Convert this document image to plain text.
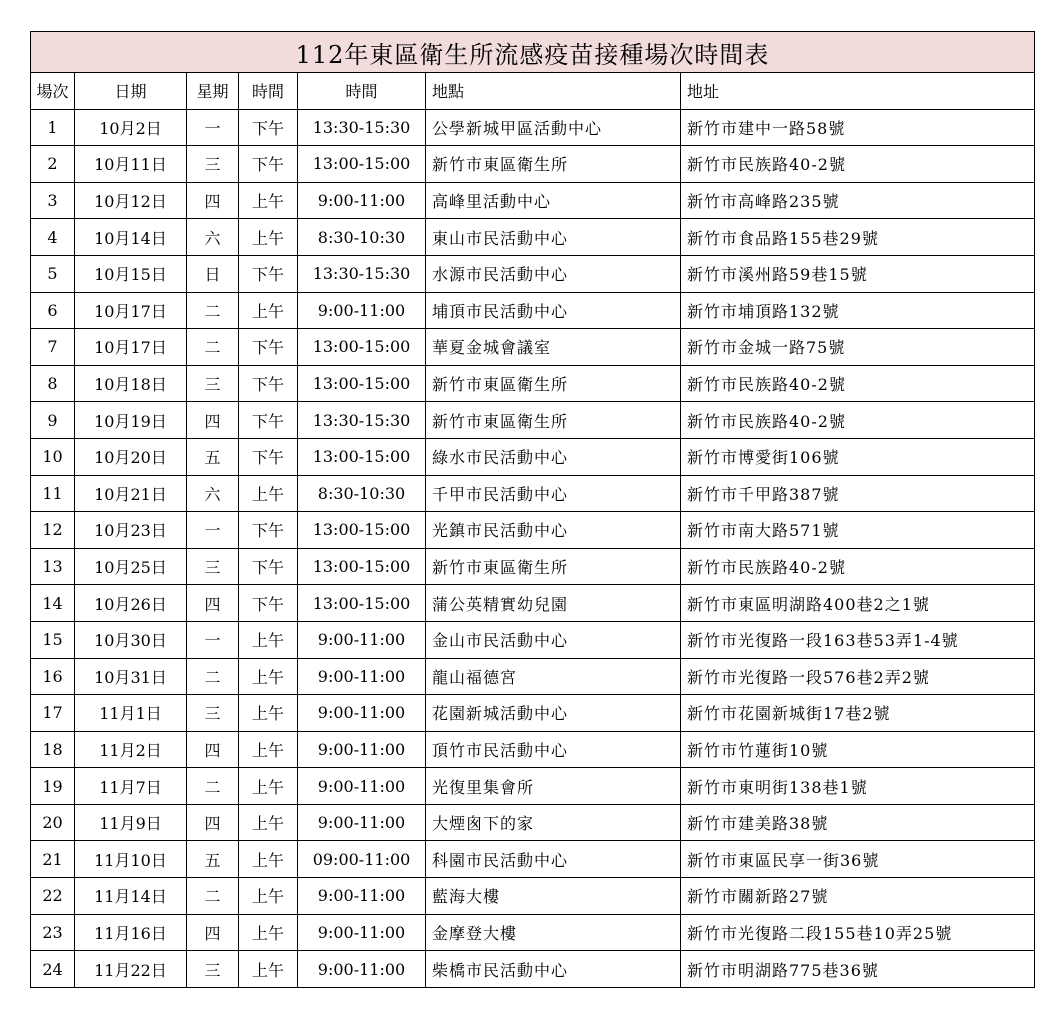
112年東區衛生所流感疫苗接種場次時間表						
場次	日期	星期	時間	時間	地點	地址
1	10月2日	一	下午	13:30-15:30	公學新城甲區活動中心	新竹市建中一路58號
2	10月11日	三	下午	13:00-15:00	新竹市東區衛生所	新竹市民族路40-2號
3	10月12日	四	上午	9:00-11:00	高峰里活動中心	新竹市高峰路235號
4	10月14日	六	上午	8:30-10:30	東山市民活動中心	新竹市食品路155巷29號
5	10月15日	日	下午	13:30-15:30	水源市民活動中心	新竹市溪州路59巷15號
6	10月17日	二	上午	9:00-11:00	埔頂市民活動中心	新竹市埔頂路132號
7	10月17日	二	下午	13:00-15:00	華夏金城會議室	新竹市金城一路75號
8	10月18日	三	下午	13:00-15:00	新竹市東區衛生所	新竹市民族路40-2號
9	10月19日	四	下午	13:30-15:30	新竹市東區衛生所	新竹市民族路40-2號
10	10月20日	五	下午	13:00-15:00	綠水市民活動中心	新竹市博愛街106號
11	10月21日	六	上午	8:30-10:30	千甲市民活動中心	新竹市千甲路387號
12	10月23日	一	下午	13:00-15:00	光鎮市民活動中心	新竹市南大路571號
13	10月25日	三	下午	13:00-15:00	新竹市東區衛生所	新竹市民族路40-2號
14	10月26日	四	下午	13:00-15:00	蒲公英精實幼兒園	新竹市東區明湖路400巷2之1號
15	10月30日	一	上午	9:00-11:00	金山市民活動中心	新竹市光復路一段163巷53弄1-4號
16	10月31日	二	上午	9:00-11:00	龍山福德宮	新竹市光復路一段576巷2弄2號
17	11月1日	三	上午	9:00-11:00	花園新城活動中心	新竹市花園新城街17巷2號
18	11月2日	四	上午	9:00-11:00	頂竹市民活動中心	新竹市竹蓮街10號
19	11月7日	二	上午	9:00-11:00	光復里集會所	新竹市東明街138巷1號
20	11月9日	四	上午	9:00-11:00	大煙囪下的家	新竹市建美路38號
21	11月10日	五	上午	09:00-11:00	科園市民活動中心	新竹市東區民享一街36號
22	11月14日	二	上午	9:00-11:00	藍海大樓	新竹市關新路27號
23	11月16日	四	上午	9:00-11:00	金摩登大樓	新竹市光復路二段155巷10弄25號
24	11月22日	三	上午	9:00-11:00	柴橋市民活動中心	新竹市明湖路775巷36號
